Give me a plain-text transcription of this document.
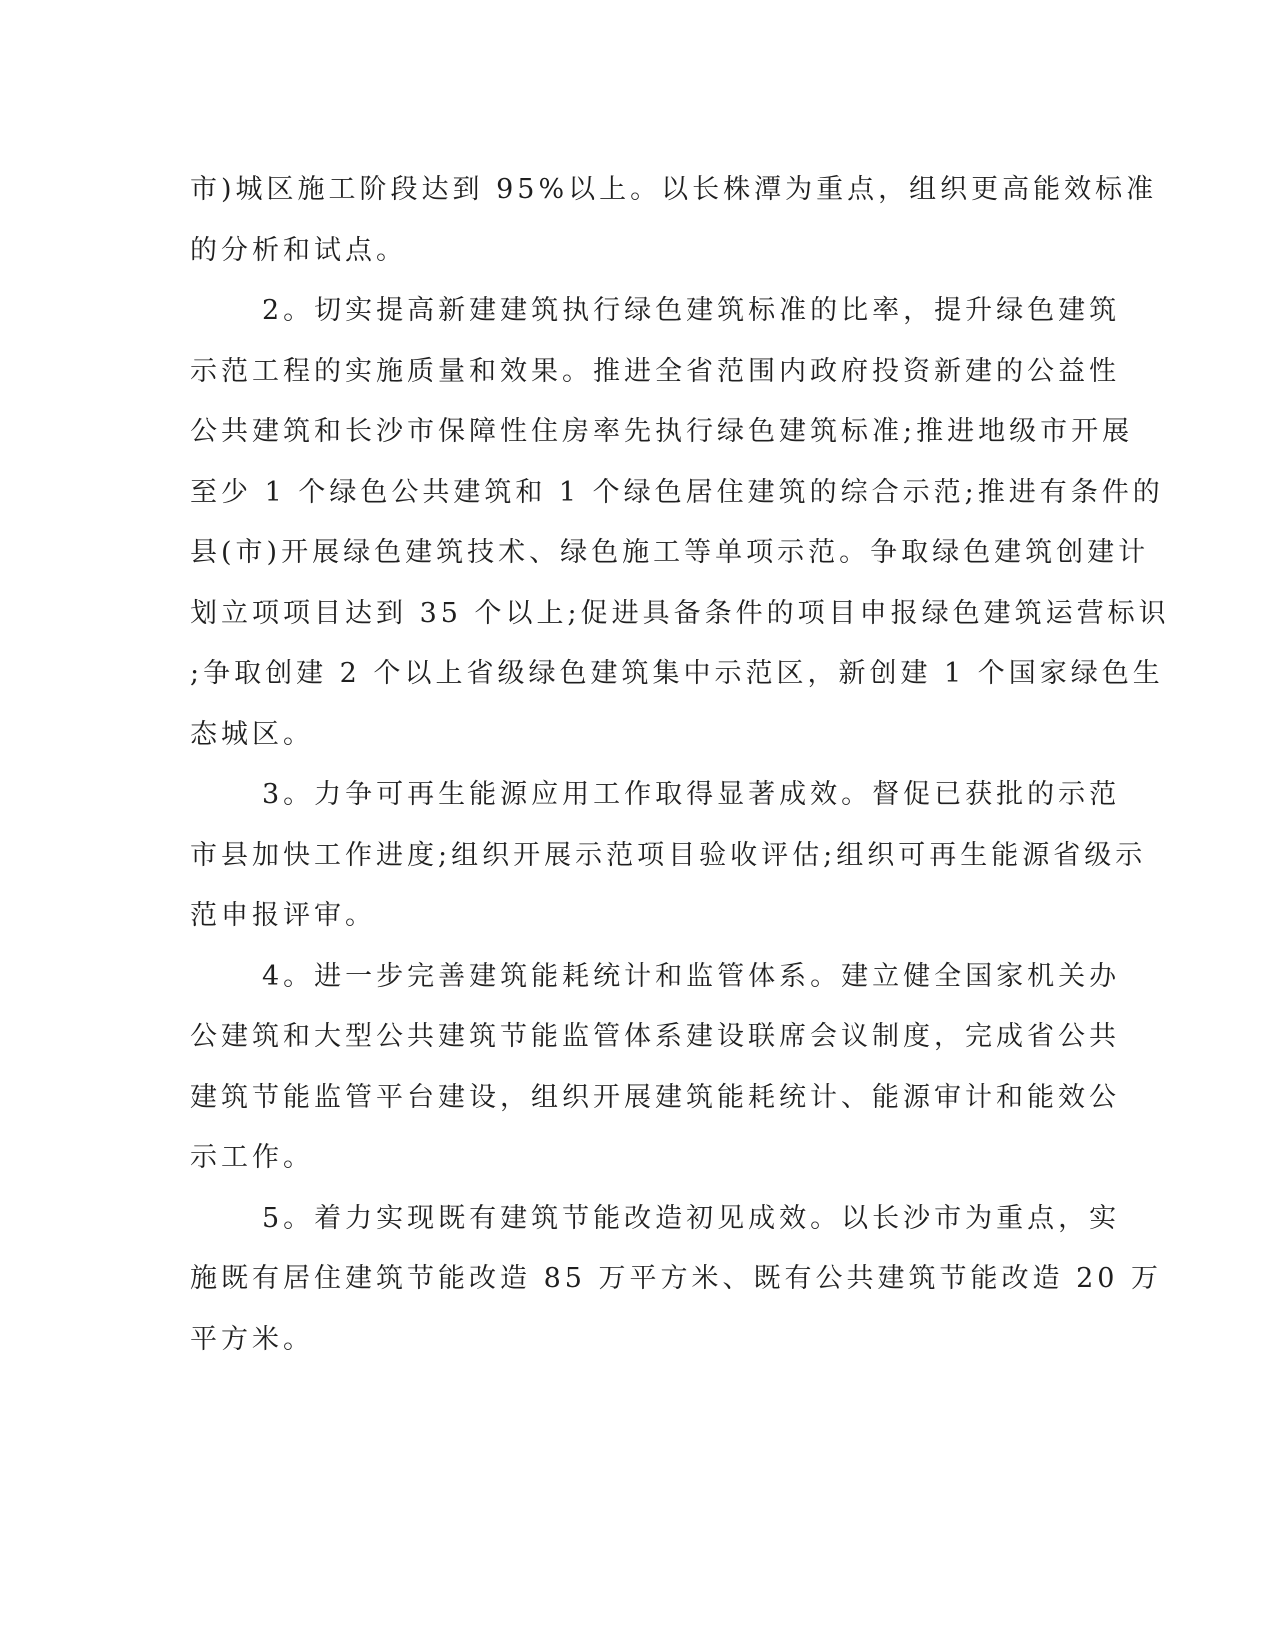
市)城区施工阶段达到 95%以上。以长株潭为重点，组织更高能效标准
的分析和试点。
2。切实提高新建建筑执行绿色建筑标准的比率，提升绿色建筑
示范工程的实施质量和效果。推进全省范围内政府投资新建的公益性
公共建筑和长沙市保障性住房率先执行绿色建筑标准;推进地级市开展
至少 1 个绿色公共建筑和 1 个绿色居住建筑的综合示范;推进有条件的
县(市)开展绿色建筑技术、绿色施工等单项示范。争取绿色建筑创建计
划立项项目达到 35 个以上;促进具备条件的项目申报绿色建筑运营标识
;争取创建 2 个以上省级绿色建筑集中示范区，新创建 1 个国家绿色生
态城区。
3。力争可再生能源应用工作取得显著成效。督促已获批的示范
市县加快工作进度;组织开展示范项目验收评估;组织可再生能源省级示
范申报评审。
4。进一步完善建筑能耗统计和监管体系。建立健全国家机关办
公建筑和大型公共建筑节能监管体系建设联席会议制度，完成省公共
建筑节能监管平台建设，组织开展建筑能耗统计、能源审计和能效公
示工作。
5。着力实现既有建筑节能改造初见成效。以长沙市为重点，实
施既有居住建筑节能改造 85 万平方米、既有公共建筑节能改造 20 万
平方米。
